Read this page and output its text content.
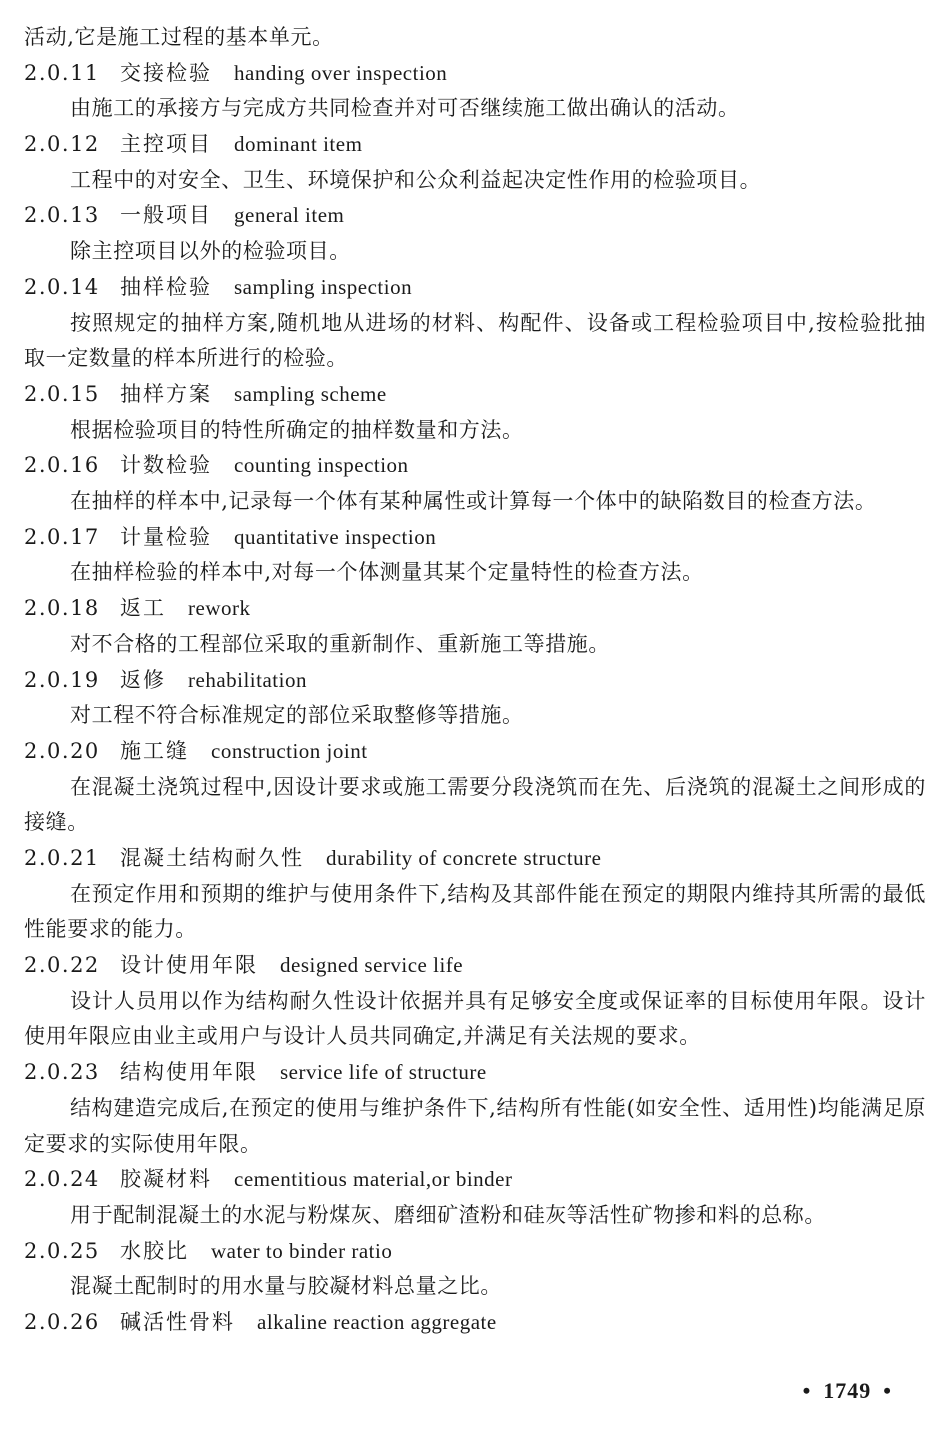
活动,它是施工过程的基本单元。
2.0.11 交接检验 handing over inspection
由施工的承接方与完成方共同检查并对可否继续施工做出确认的活动。
2.0.12 主控项目 dominant item
工程中的对安全、卫生、环境保护和公众利益起决定性作用的检验项目。
2.0.13 一般项目 general item
除主控项目以外的检验项目。
2.0.14 抽样检验 sampling inspection
按照规定的抽样方案,随机地从进场的材料、构配件、设备或工程检验项目中,按检验批抽取一定数量的样本所进行的检验。
2.0.15 抽样方案 sampling scheme
根据检验项目的特性所确定的抽样数量和方法。
2.0.16 计数检验 counting inspection
在抽样的样本中,记录每一个体有某种属性或计算每一个体中的缺陷数目的检查方法。
2.0.17 计量检验 quantitative inspection
在抽样检验的样本中,对每一个体测量其某个定量特性的检查方法。
2.0.18 返工 rework
对不合格的工程部位采取的重新制作、重新施工等措施。
2.0.19 返修 rehabilitation
对工程不符合标准规定的部位采取整修等措施。
2.0.20 施工缝 construction joint
在混凝土浇筑过程中,因设计要求或施工需要分段浇筑而在先、后浇筑的混凝土之间形成的接缝。
2.0.21 混凝土结构耐久性 durability of concrete structure
在预定作用和预期的维护与使用条件下,结构及其部件能在预定的期限内维持其所需的最低性能要求的能力。
2.0.22 设计使用年限 designed service life
设计人员用以作为结构耐久性设计依据并具有足够安全度或保证率的目标使用年限。设计使用年限应由业主或用户与设计人员共同确定,并满足有关法规的要求。
2.0.23 结构使用年限 service life of structure
结构建造完成后,在预定的使用与维护条件下,结构所有性能(如安全性、适用性)均能满足原定要求的实际使用年限。
2.0.24 胶凝材料 cementitious material,or binder
用于配制混凝土的水泥与粉煤灰、磨细矿渣粉和硅灰等活性矿物掺和料的总称。
2.0.25 水胶比 water to binder ratio
混凝土配制时的用水量与胶凝材料总量之比。
2.0.26 碱活性骨料 alkaline reaction aggregate
• 1749 •
